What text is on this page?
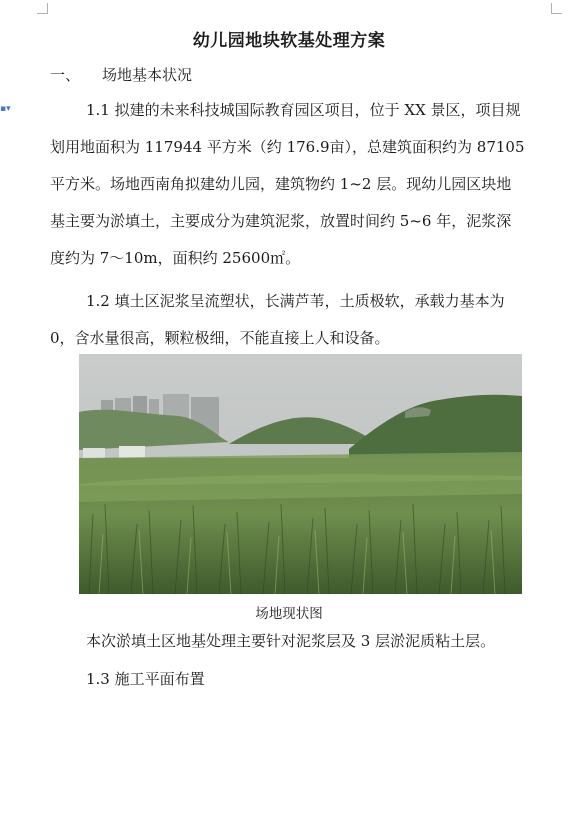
▪▾
幼儿园地块软基处理方案
一、 场地基本状况
1.1 拟建的未来科技城国际教育园区项目，位于 XX 景区，项目规
划用地面积为 117944 平方米（约 176.9亩），总建筑面积约为 87105
平方米。场地西南角拟建幼儿园，建筑物约 1~2 层。现幼儿园区块地
基主要为淤填土，主要成分为建筑泥浆，放置时间约 5~6 年，泥浆深
度约为 7～10m，面积约 25600㎡。
1.2 填土区泥浆呈流塑状，长满芦苇，土质极软，承载力基本为
0，含水量很高，颗粒极细，不能直接上人和设备。
场地现状图
本次淤填土区地基处理主要针对泥浆层及 3 层淤泥质粘土层。
1.3 施工平面布置
